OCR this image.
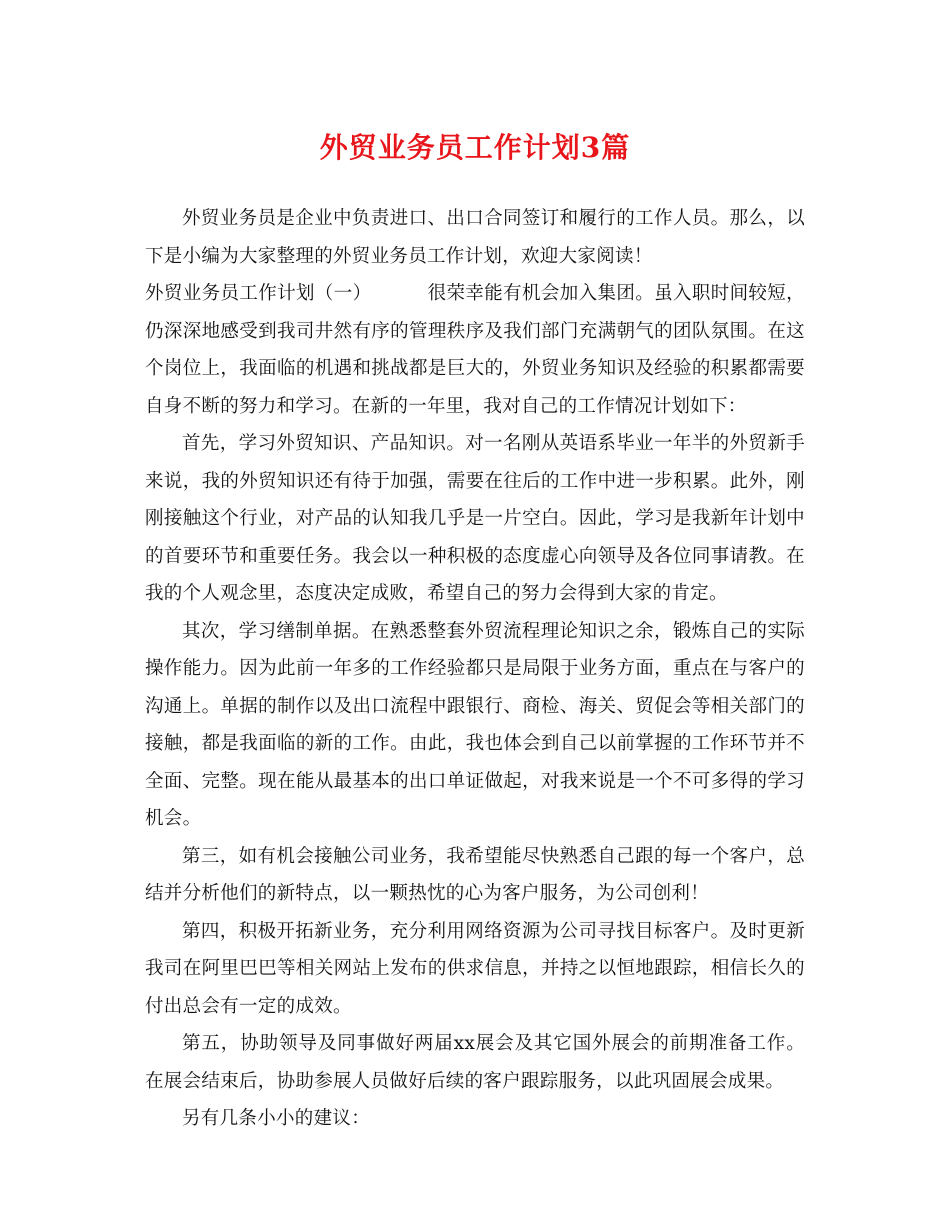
外贸业务员工作计划3篇

外贸业务员是企业中负责进口、出口合同签订和履行的工作人员。那么，以下是小编为大家整理的外贸业务员工作计划，欢迎大家阅读！

外贸业务员工作计划（一）	很荣幸能有机会加入集团。虽入职时间较短，仍深深地感受到我司井然有序的管理秩序及我们部门充满朝气的团队氛围。在这个岗位上，我面临的机遇和挑战都是巨大的，外贸业务知识及经验的积累都需要自身不断的努力和学习。在新的一年里，我对自己的工作情况计划如下：

首先，学习外贸知识、产品知识。对一名刚从英语系毕业一年半的外贸新手来说，我的外贸知识还有待于加强，需要在往后的工作中进一步积累。此外，刚刚接触这个行业，对产品的认知我几乎是一片空白。因此，学习是我新年计划中的首要环节和重要任务。我会以一种积极的态度虚心向领导及各位同事请教。在我的个人观念里，态度决定成败，希望自己的努力会得到大家的肯定。

其次，学习缮制单据。在熟悉整套外贸流程理论知识之余，锻炼自己的实际操作能力。因为此前一年多的工作经验都只是局限于业务方面，重点在与客户的沟通上。单据的制作以及出口流程中跟银行、商检、海关、贸促会等相关部门的接触，都是我面临的新的工作。由此，我也体会到自己以前掌握的工作环节并不全面、完整。现在能从最基本的出口单证做起，对我来说是一个不可多得的学习机会。

第三，如有机会接触公司业务，我希望能尽快熟悉自己跟的每一个客户，总结并分析他们的新特点，以一颗热忱的心为客户服务，为公司创利！

第四，积极开拓新业务，充分利用网络资源为公司寻找目标客户。及时更新我司在阿里巴巴等相关网站上发布的供求信息，并持之以恒地跟踪，相信长久的付出总会有一定的成效。

第五，协助领导及同事做好两届xx展会及其它国外展会的前期准备工作。在展会结束后，协助参展人员做好后续的客户跟踪服务，以此巩固展会成果。

另有几条小小的建议：
